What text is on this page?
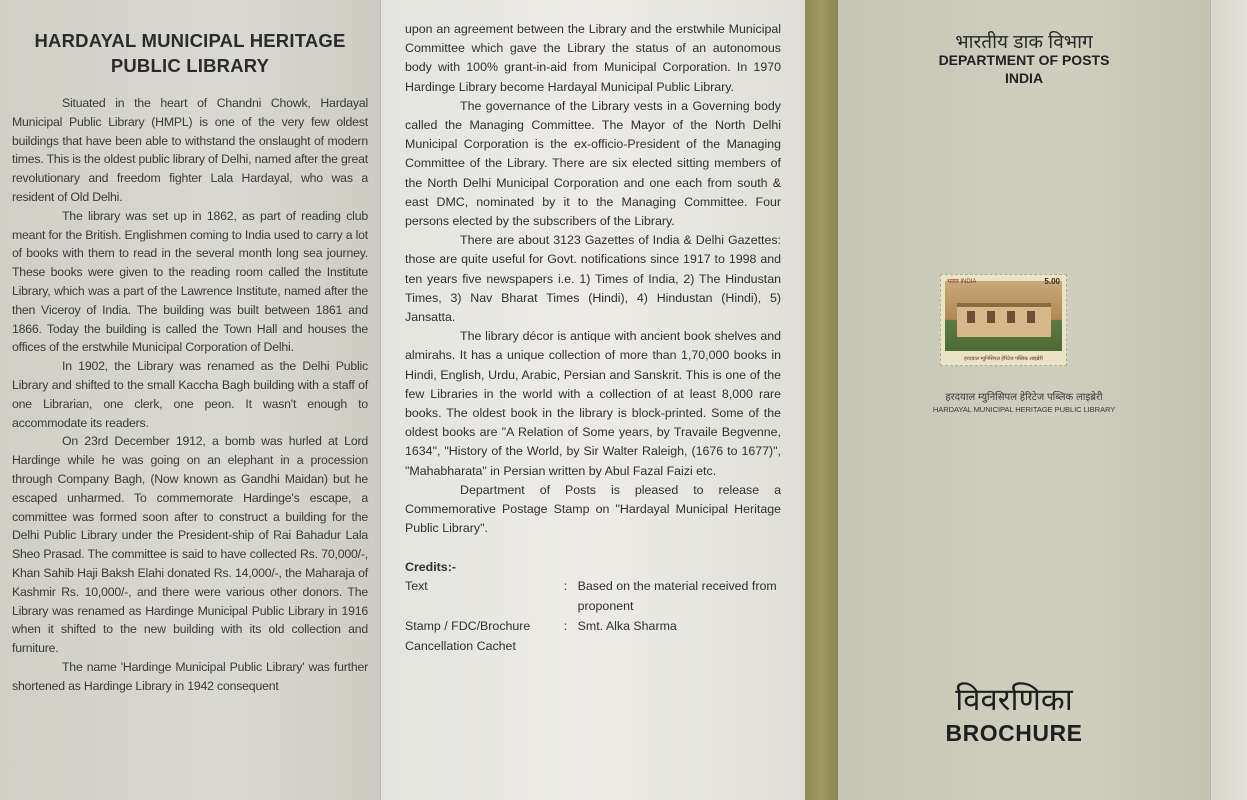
HARDAYAL MUNICIPAL HERITAGE
PUBLIC LIBRARY

Situated in the heart of Chandni Chowk, Hardayal Municipal Public Library (HMPL) is one of the very few oldest buildings that have been able to withstand the onslaught of modern times. This is the oldest public library of Delhi, named after the great revolutionary and freedom fighter Lala Hardayal, who was a resident of Old Delhi.

The library was set up in 1862, as part of reading club meant for the British. Englishmen coming to India used to carry a lot of books with them to read in the several month long sea journey. These books were given to the reading room called the Institute Library, which was a part of the Lawrence Institute, named after the then Viceroy of India. The building was built between 1861 and 1866. Today the building is called the Town Hall and houses the offices of the erstwhile Municipal Corporation of Delhi.

In 1902, the Library was renamed as the Delhi Public Library and shifted to the small Kaccha Bagh building with a staff of one Librarian, one clerk, one peon. It wasn't enough to accommodate its readers.

On 23rd December 1912, a bomb was hurled at Lord Hardinge while he was going on an elephant in a procession through Company Bagh, (Now known as Gandhi Maidan) but he escaped unharmed. To commemorate Hardinge's escape, a committee was formed soon after to construct a building for the Delhi Public Library under the President-ship of Rai Bahadur Lala Sheo Prasad. The committee is said to have collected Rs. 70,000/-, Khan Sahib Haji Baksh Elahi donated Rs. 14,000/-, the Maharaja of Kashmir Rs. 10,000/-, and there were various other donors. The Library was renamed as Hardinge Municipal Public Library in 1916 when it shifted to the new building with its old collection and furniture.

The name 'Hardinge Municipal Public Library' was further shortened as Hardinge Library in 1942 consequent

upon an agreement between the Library and the erstwhile Municipal Committee which gave the Library the status of an autonomous body with 100% grant-in-aid from Municipal Corporation. In 1970 Hardinge Library become Hardayal Municipal Public Library.

The governance of the Library vests in a Governing body called the Managing Committee. The Mayor of the North Delhi Municipal Corporation is the ex-officio-President of the Managing Committee of the Library. There are six elected sitting members of the North Delhi Municipal Corporation and one each from south & east DMC, nominated by it to the Managing Committee. Four persons elected by the subscribers of the Library.

There are about 3123 Gazettes of India & Delhi Gazettes: those are quite useful for Govt. notifications since 1917 to 1998 and ten years five newspapers i.e. 1) Times of India, 2) The Hindustan Times, 3) Nav Bharat Times (Hindi), 4) Hindustan (Hindi), 5) Jansatta.

The library décor is antique with ancient book shelves and almirahs. It has a unique collection of more than 1,70,000 books in Hindi, English, Urdu, Arabic, Persian and Sanskrit. This is one of the few Libraries in the world with a collection of at least 8,000 rare books. The oldest book in the library is block-printed. Some of the oldest books are "A Relation of Some years, by Travaile Begvenne, 1634", "History of the World, by Sir Walter Raleigh, (1676 to 1677)", "Mahabharata" in Persian written by Abul Fazal Faizi etc.

Department of Posts is pleased to release a Commemorative Postage Stamp on "Hardayal Municipal Heritage Public Library".

Credits:-
Text	: Based on the material received from proponent
Stamp / FDC/Brochure Cancellation Cachet
: Smt. Alka Sharma
भारतीय डाक विभाग
DEPARTMENT OF POSTS
INDIA
भारत INDIA	5.00
हरदयाल म्युनिसिपल हेरिटेज पब्लिक लाइब्रेरी
हरदयाल म्युनिसिपल हेरिटेज पब्लिक लाइब्रेरी
HARDAYAL MUNICIPAL HERITAGE PUBLIC LIBRARY
विवरणिका
BROCHURE
